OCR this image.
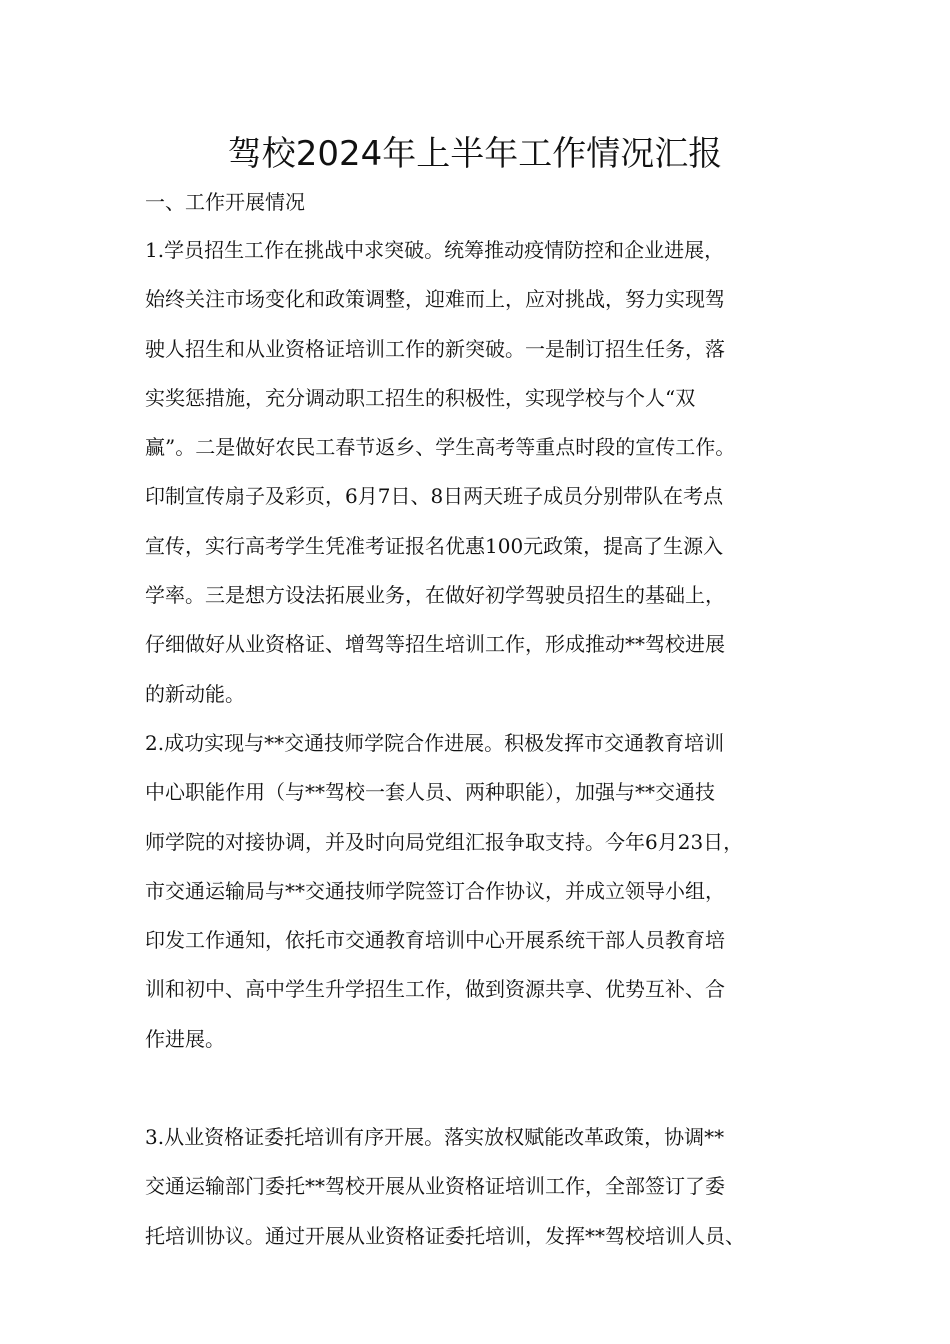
驾校2024年上半年工作情况汇报
一、工作开展情况
1.学员招生工作在挑战中求突破。统筹推动疫情防控和企业进展，
始终关注市场变化和政策调整，迎难而上，应对挑战，努力实现驾
驶人招生和从业资格证培训工作的新突破。一是制订招生任务，落
实奖惩措施，充分调动职工招生的积极性，实现学校与个人“双
赢”。二是做好农民工春节返乡、学生高考等重点时段的宣传工作。
印制宣传扇子及彩页，6月7日、8日两天班子成员分别带队在考点
宣传，实行高考学生凭准考证报名优惠100元政策，提高了生源入
学率。三是想方设法拓展业务，在做好初学驾驶员招生的基础上，
仔细做好从业资格证、增驾等招生培训工作，形成推动**驾校进展
的新动能。
2.成功实现与**交通技师学院合作进展。积极发挥市交通教育培训
中心职能作用（与**驾校一套人员、两种职能），加强与**交通技
师学院的对接协调，并及时向局党组汇报争取支持。今年6月23日，
市交通运输局与**交通技师学院签订合作协议，并成立领导小组，
印发工作通知，依托市交通教育培训中心开展系统干部人员教育培
训和初中、高中学生升学招生工作，做到资源共享、优势互补、合
作进展。
3.从业资格证委托培训有序开展。落实放权赋能改革政策，协调**
交通运输部门委托**驾校开展从业资格证培训工作，全部签订了委
托培训协议。通过开展从业资格证委托培训，发挥**驾校培训人员、
